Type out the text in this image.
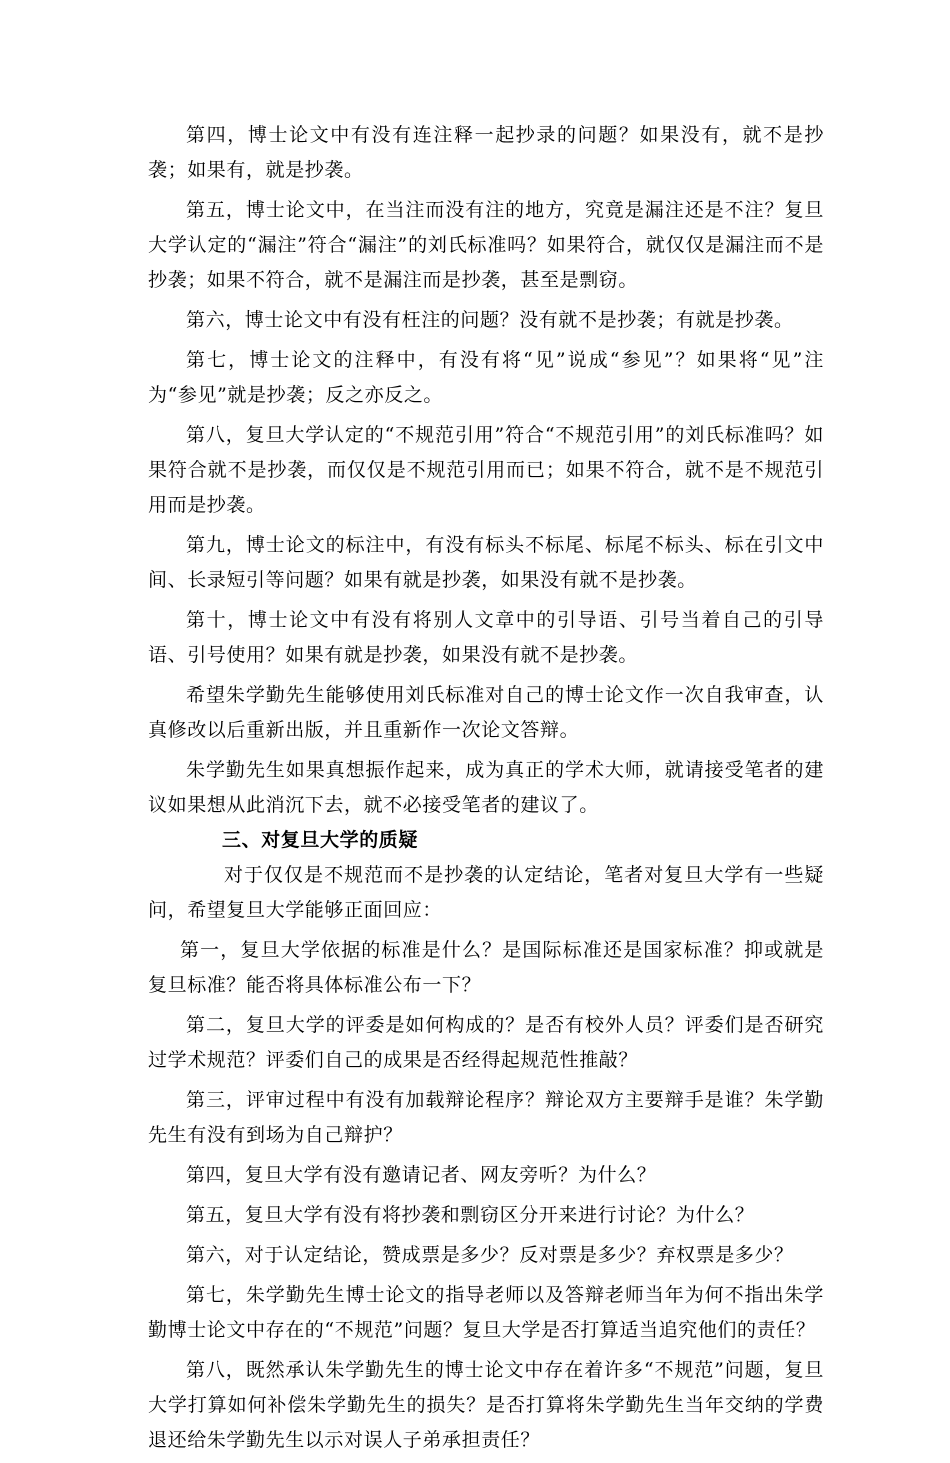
第四，博士论文中有没有连注释一起抄录的问题？如果没有，就不是抄袭；如果有，就是抄袭。

第五，博士论文中，在当注而没有注的地方，究竟是漏注还是不注？复旦大学认定的“漏注”符合“漏注”的刘氏标准吗？如果符合，就仅仅是漏注而不是抄袭；如果不符合，就不是漏注而是抄袭，甚至是剽窃。

第六，博士论文中有没有枉注的问题？没有就不是抄袭；有就是抄袭。

第七，博士论文的注释中，有没有将“见”说成“参见”？如果将“见”注为“参见”就是抄袭；反之亦反之。

第八，复旦大学认定的“不规范引用”符合“不规范引用”的刘氏标准吗？如果符合就不是抄袭，而仅仅是不规范引用而已；如果不符合，就不是不规范引用而是抄袭。

第九，博士论文的标注中，有没有标头不标尾、标尾不标头、标在引文中间、长录短引等问题？如果有就是抄袭，如果没有就不是抄袭。

第十，博士论文中有没有将别人文章中的引导语、引号当着自己的引导语、引号使用？如果有就是抄袭，如果没有就不是抄袭。

希望朱学勤先生能够使用刘氏标准对自己的博士论文作一次自我审查，认真修改以后重新出版，并且重新作一次论文答辩。

朱学勤先生如果真想振作起来，成为真正的学术大师，就请接受笔者的建议如果想从此消沉下去，就不必接受笔者的建议了。

三、对复旦大学的质疑

对于仅仅是不规范而不是抄袭的认定结论，笔者对复旦大学有一些疑问，希望复旦大学能够正面回应：

第一，复旦大学依据的标准是什么？是国际标准还是国家标准？抑或就是复旦标准？能否将具体标准公布一下？

第二，复旦大学的评委是如何构成的？是否有校外人员？评委们是否研究过学术规范？评委们自己的成果是否经得起规范性推敲？

第三，评审过程中有没有加载辩论程序？辩论双方主要辩手是谁？朱学勤先生有没有到场为自己辩护？

第四，复旦大学有没有邀请记者、网友旁听？为什么？

第五，复旦大学有没有将抄袭和剽窃区分开来进行讨论？为什么？

第六，对于认定结论，赞成票是多少？反对票是多少？弃权票是多少？

第七，朱学勤先生博士论文的指导老师以及答辩老师当年为何不指出朱学勤博士论文中存在的“不规范”问题？复旦大学是否打算适当追究他们的责任？

第八，既然承认朱学勤先生的博士论文中存在着许多“不规范”问题，复旦大学打算如何补偿朱学勤先生的损失？是否打算将朱学勤先生当年交纳的学费退还给朱学勤先生以示对误人子弟承担责任？
